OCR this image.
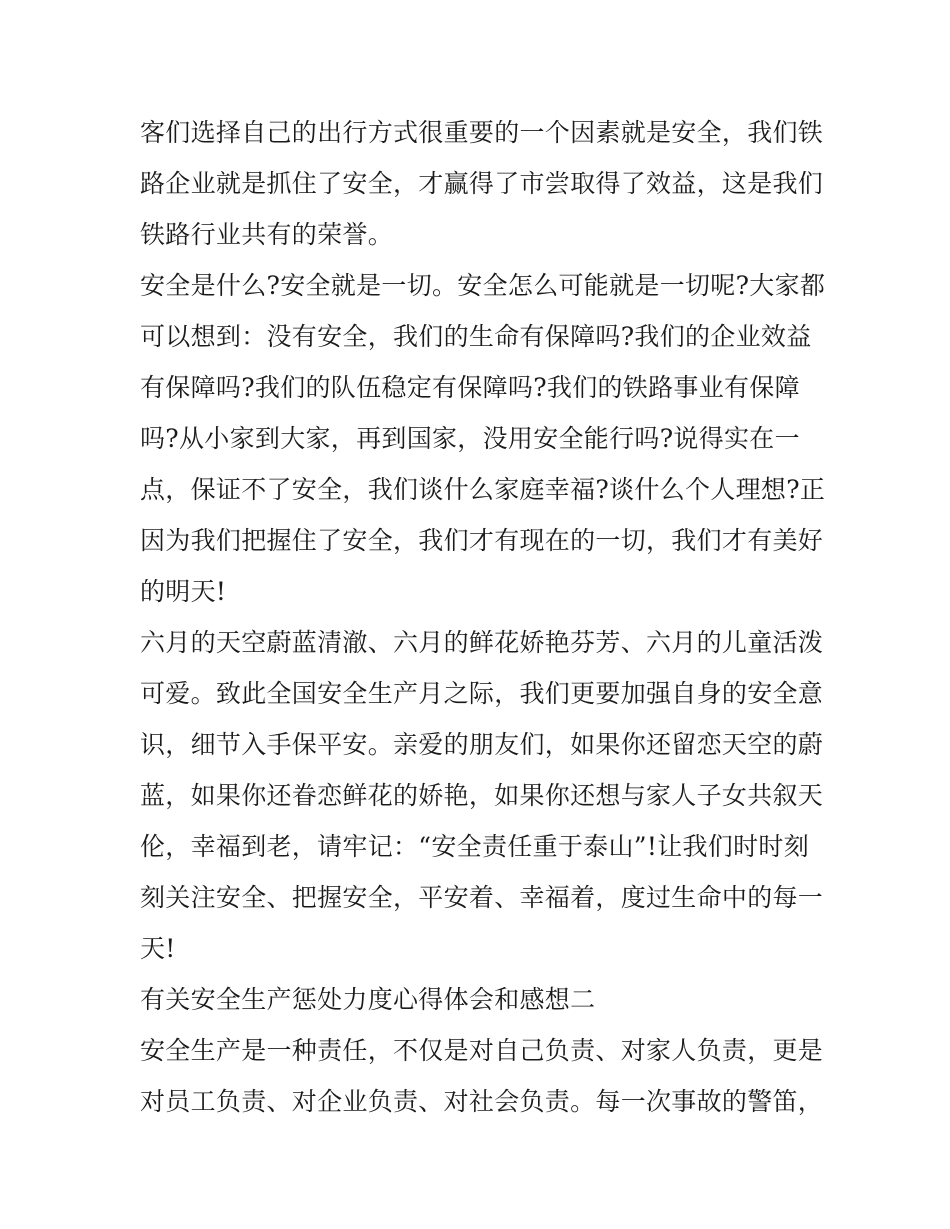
客们选择自己的出行方式很重要的一个因素就是安全，我们铁
路企业就是抓住了安全，才赢得了市尝取得了效益，这是我们
铁路行业共有的荣誉。
安全是什么?安全就是一切。安全怎么可能就是一切呢?大家都
可以想到：没有安全，我们的生命有保障吗?我们的企业效益
有保障吗?我们的队伍稳定有保障吗?我们的铁路事业有保障
吗?从小家到大家，再到国家，没用安全能行吗?说得实在一
点，保证不了安全，我们谈什么家庭幸福?谈什么个人理想?正
因为我们把握住了安全，我们才有现在的一切，我们才有美好
的明天!
六月的天空蔚蓝清澈、六月的鲜花娇艳芬芳、六月的儿童活泼
可爱。致此全国安全生产月之际，我们更要加强自身的安全意
识，细节入手保平安。亲爱的朋友们，如果你还留恋天空的蔚
蓝，如果你还眷恋鲜花的娇艳，如果你还想与家人子女共叙天
伦，幸福到老，请牢记：“安全责任重于泰山”!让我们时时刻
刻关注安全、把握安全，平安着、幸福着，度过生命中的每一
天!
有关安全生产惩处力度心得体会和感想二
安全生产是一种责任，不仅是对自己负责、对家人负责，更是
对员工负责、对企业负责、对社会负责。每一次事故的警笛，
